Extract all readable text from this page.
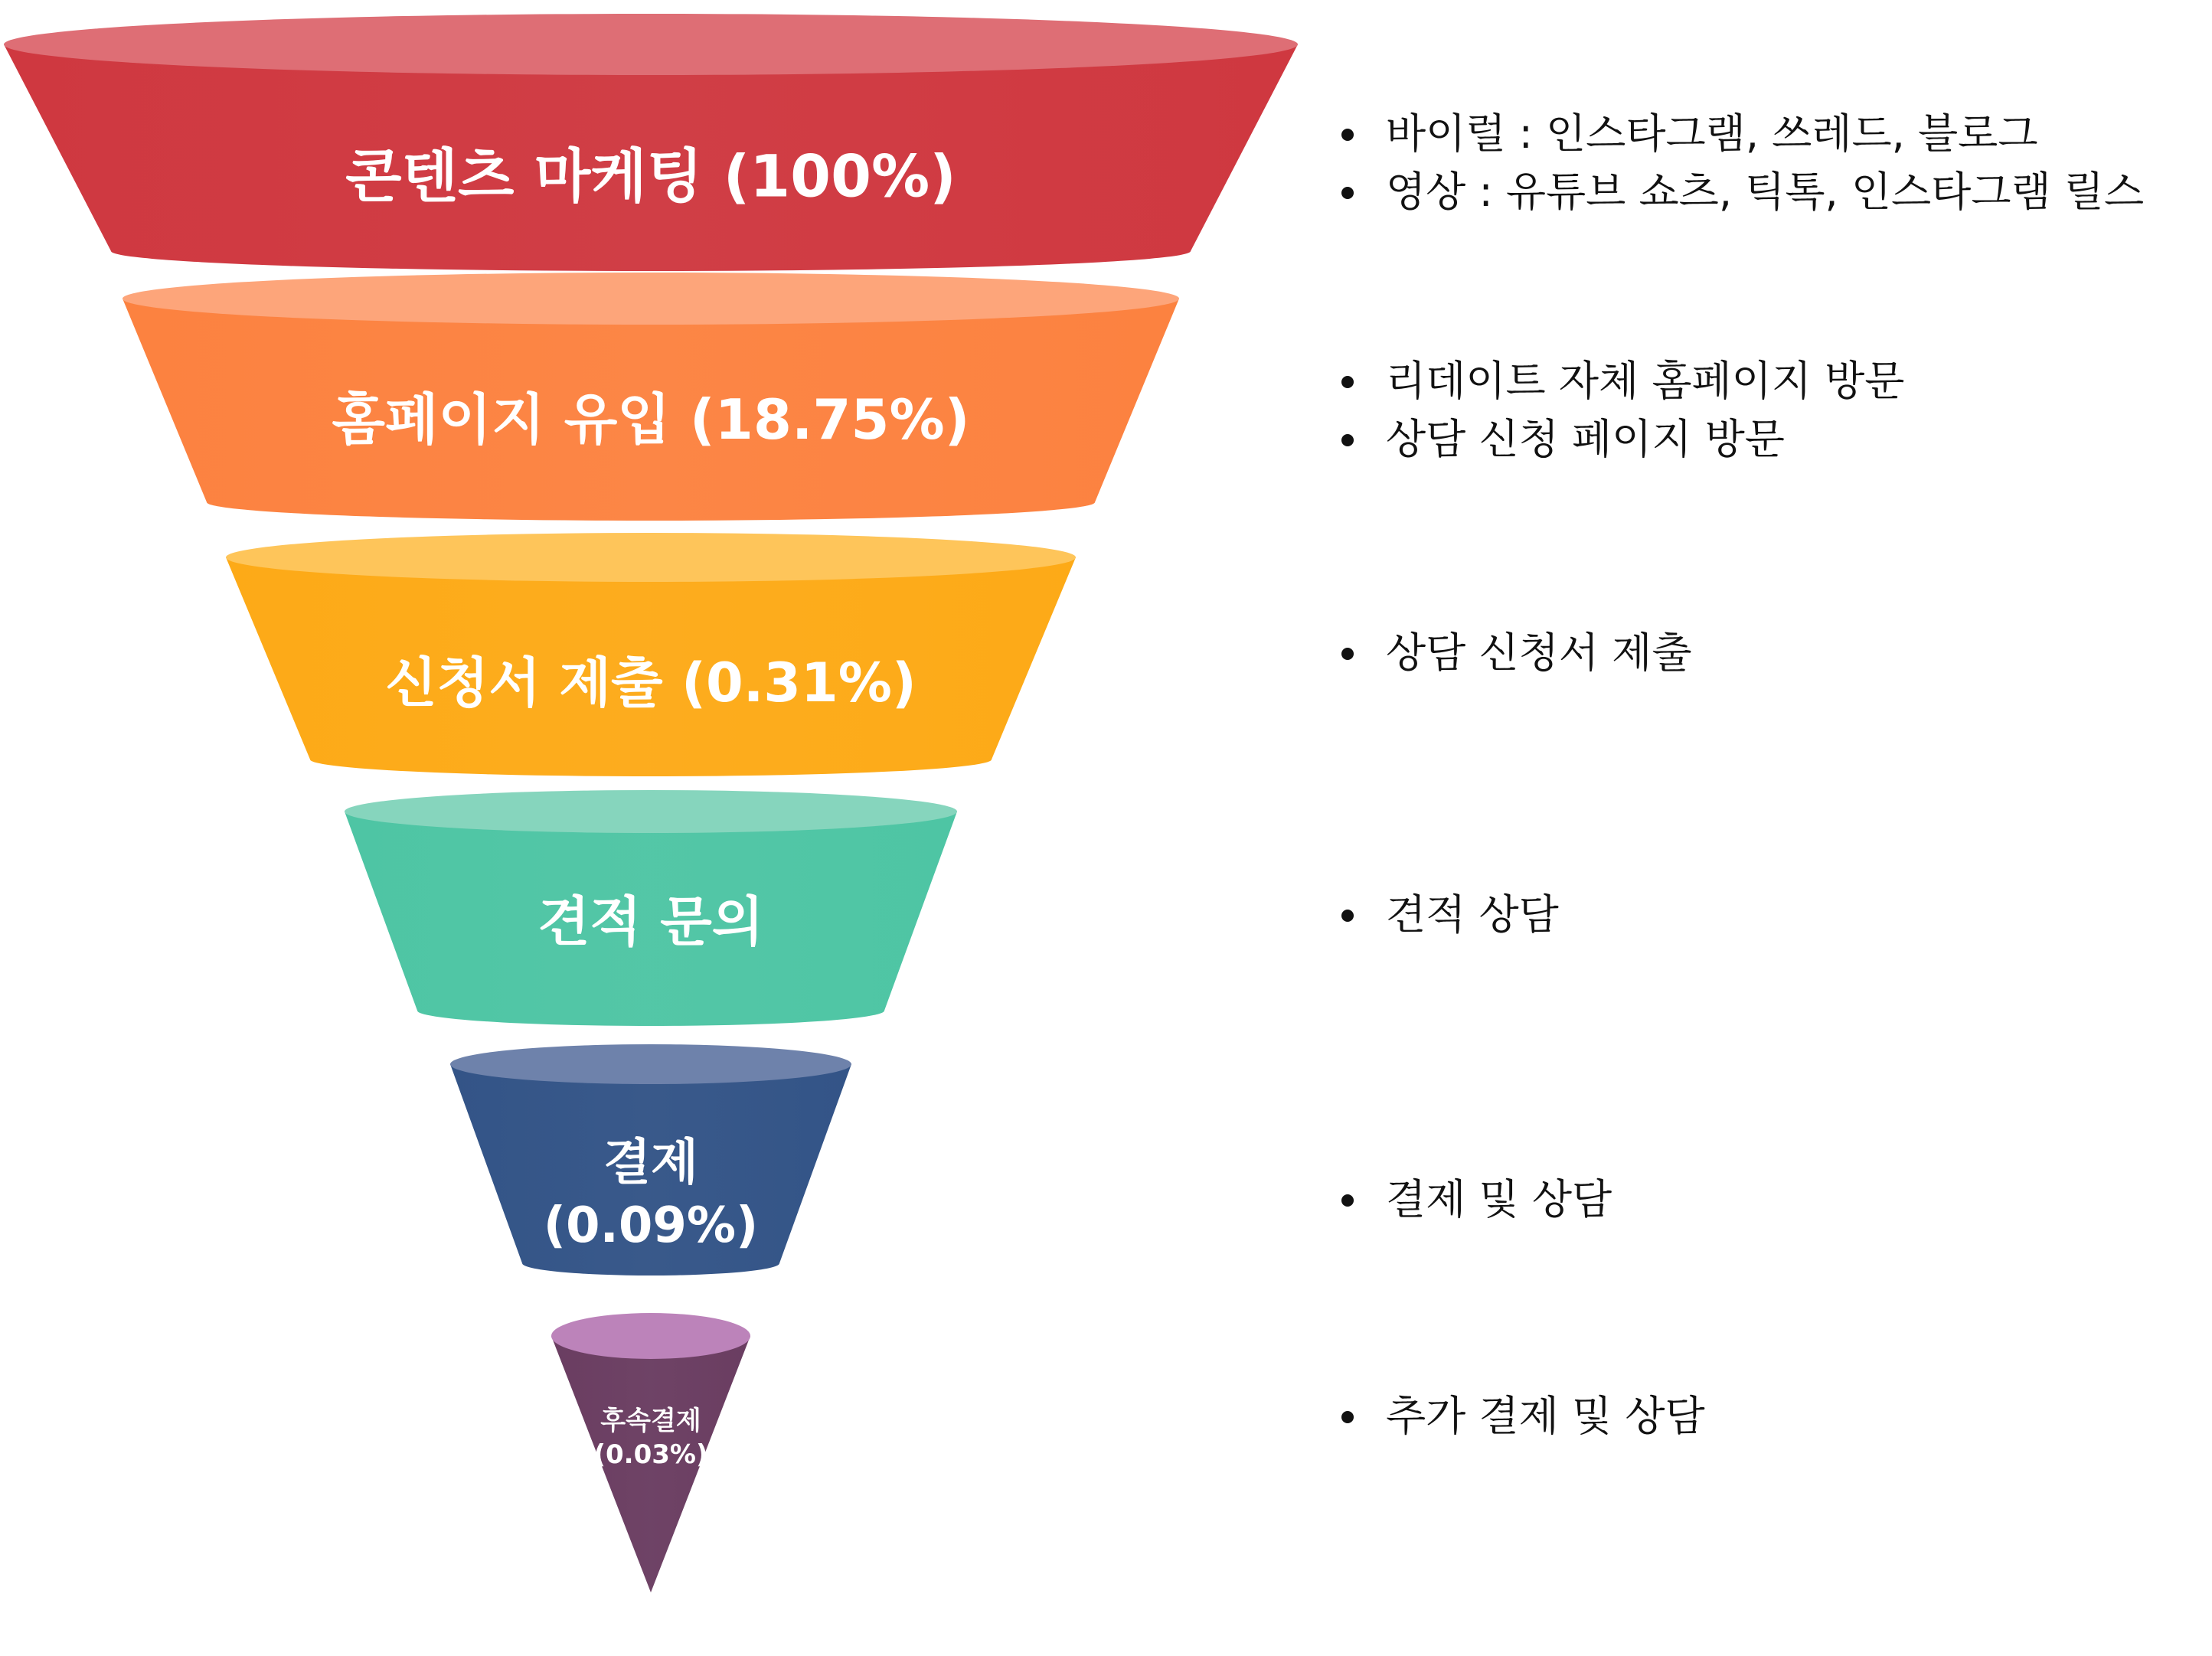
콘텐츠 마케팅 (100%)
홈페이지 유입 (18.75%)
신청서 제출 (0.31%)
견적 문의
결제
(0.09%)
후속결제
(0.03%)
바이럴 : 인스타그램, 쓰레드, 블로그
영상 : 유튜브 쇼츠, 틱톡, 인스타그램 릴스
리데이트 자체 홈페이지 방문
상담 신청 페이지 방문
상담 신청서 제출
견적 상담
결제 및 상담
추가 결제 및 상담
